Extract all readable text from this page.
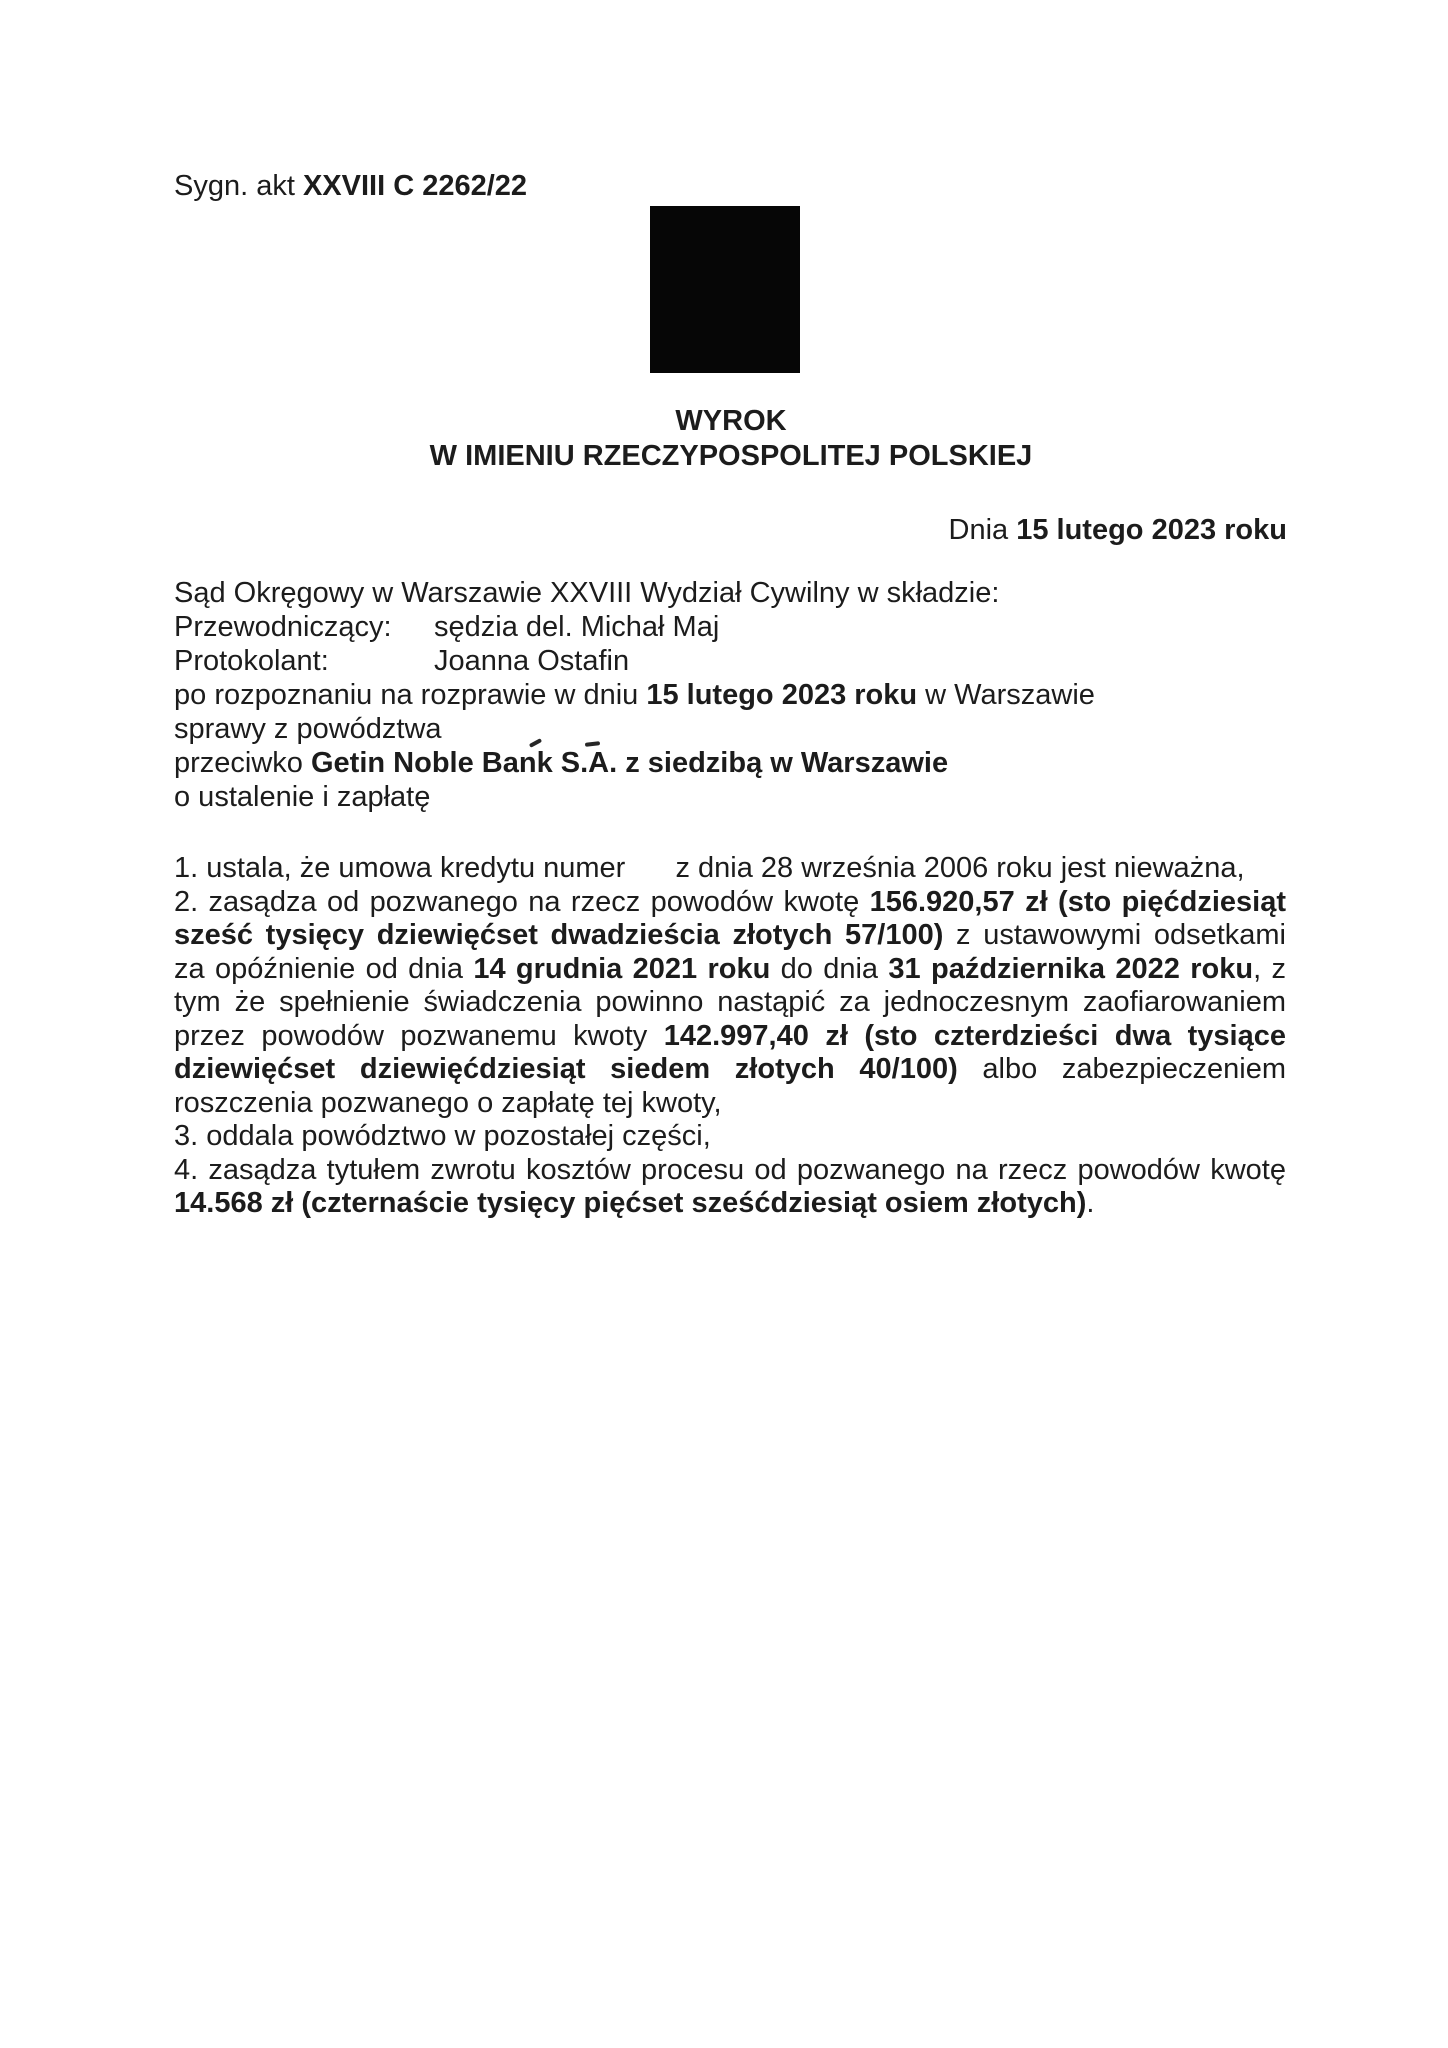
Sygn. akt XXVIII C 2262/22
WYROK
W IMIENIU RZECZYPOSPOLITEJ POLSKIEJ
Dnia 15 lutego 2023 roku
Sąd Okręgowy w Warszawie XXVIII Wydział Cywilny w składzie:
Przewodniczący: sędzia del. Michał Maj
Protokolant:	Joanna Ostafin
po rozpoznaniu na rozprawie w dniu 15 lutego 2023 roku w Warszawie
sprawy z powództwa
przeciwko Getin Noble Bank S.A. z siedzibą w Warszawie
o ustalenie i zapłatę

1. ustala, że umowa kredytu numer  z dnia 28 września 2006 roku jest nieważna,

2. zasądza od pozwanego na rzecz powodów kwotę 156.920,57 zł (sto pięćdziesiąt sześć tysięcy dziewięćset dwadzieścia złotych 57/100) z ustawowymi odsetkami za opóźnienie od dnia 14 grudnia 2021 roku do dnia 31 października 2022 roku, z tym że spełnienie świadczenia powinno nastąpić za jednoczesnym zaofiarowaniem przez powodów pozwanemu kwoty 142.997,40 zł (sto czterdzieści dwa tysiące dziewięćset dziewięćdziesiąt siedem złotych 40/100) albo zabezpieczeniem roszczenia pozwanego o zapłatę tej kwoty,

3. oddala powództwo w pozostałej części,

4. zasądza tytułem zwrotu kosztów procesu od pozwanego na rzecz powodów kwotę 14.568 zł (czternaście tysięcy pięćset sześćdziesiąt osiem złotych).
